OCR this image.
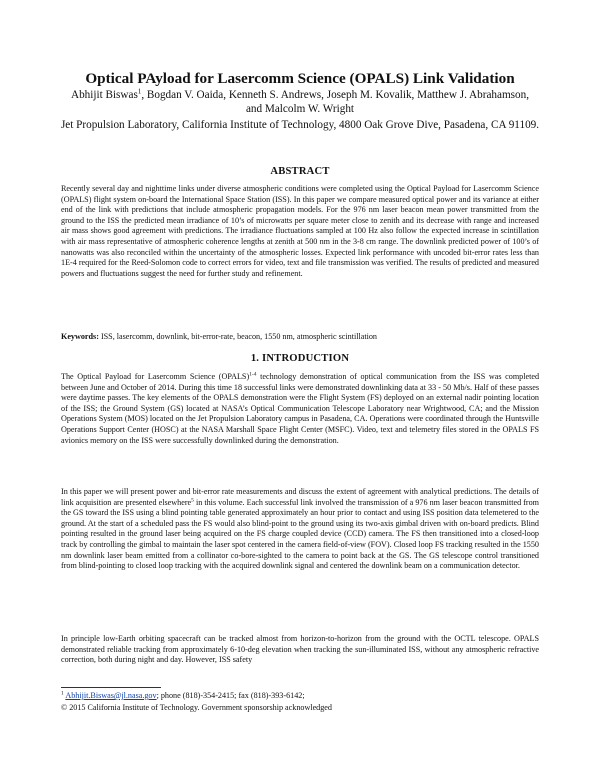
Optical PAyload for Lasercomm Science (OPALS) Link Validation
Abhijit Biswas$^1$, Bogdan V. Oaida, Kenneth S. Andrews, Joseph M. Kovalik, Matthew J. Abrahamson, and Malcolm W. Wright
Jet Propulsion Laboratory, California Institute of Technology, 4800 Oak Grove Dive, Pasadena, CA 91109.
ABSTRACT

Recently several day and nighttime links under diverse atmospheric conditions were completed using the Optical Payload for Lasercomm Science (OPALS) flight system on-board the International Space Station (ISS). In this paper we compare measured optical power and its variance at either end of the link with predictions that include atmospheric propagation models. For the 976 nm laser beacon mean power transmitted from the ground to the ISS the predicted mean irradiance of 10’s of microwatts per square meter close to zenith and its decrease with range and increased air mass shows good agreement with predictions. The irradiance fluctuations sampled at 100 Hz also follow the expected increase in scintillation with air mass representative of atmospheric coherence lengths at zenith at 500 nm in the 3-8 cm range. The downlink predicted power of 100’s of nanowatts was also reconciled within the uncertainty of the atmospheric losses. Expected link performance with uncoded bit-error rates less than 1E-4 required for the Reed-Solomon code to correct errors for video, text and file transmission was verified. The results of predicted and measured powers and fluctuations suggest the need for further study and refinement.

Keywords: ISS, lasercomm, downlink, bit-error-rate, beacon, 1550 nm, atmospheric scintillation

1. INTRODUCTION

The Optical Payload for Lasercomm Science (OPALS)$^{1-4}$ technology demonstration of optical communication from the ISS was completed between June and October of 2014. During this time 18 successful links were demonstrated downlinking data at 33 - 50 Mb/s. Half of these passes were daytime passes. The key elements of the OPALS demonstration were the Flight System (FS) deployed on an external nadir pointing location of the ISS; the Ground System (GS) located at NASA’s Optical Communication Telescope Laboratory near Wrightwood, CA; and the Mission Operations System (MOS) located on the Jet Propulsion Laboratory campus in Pasadena, CA. Operations were coordinated through the Huntsville Operations Support Center (HOSC) at the NASA Marshall Space Flight Center (MSFC). Video, text and telemetry files stored in the OPALS FS avionics memory on the ISS were successfully downlinked during the demonstration.

In this paper we will present power and bit-error rate measurements and discuss the extent of agreement with analytical predictions. The details of link acquisition are presented elsewhere$^5$ in this volume. Each successful link involved the transmission of a 976 nm laser beacon transmitted from the GS toward the ISS using a blind pointing table generated approximately an hour prior to contact and using ISS position data telemetered to the ground. At the start of a scheduled pass the FS would also blind-point to the ground using its two-axis gimbal driven with on-board predicts. Blind pointing resulted in the ground laser being acquired on the FS charge coupled device (CCD) camera. The FS then transitioned into a closed-loop track by controlling the gimbal to maintain the laser spot centered in the camera field-of-view (FOV). Closed loop FS tracking resulted in the 1550 nm downlink laser beam emitted from a collinator co-bore-sighted to the camera to point back at the GS. The GS telescope control transitioned from blind-pointing to closed loop tracking with the acquired downlink signal and centered the downlink beam on a communication detector.

In principle low-Earth orbiting spacecraft can be tracked almost from horizon-to-horizon from the ground with the OCTL telescope. OPALS demonstrated reliable tracking from approximately 6-10-deg elevation when tracking the sun-illuminated ISS, without any atmospheric refractive correction, both during night and day. However, ISS safety

$^1$ Abhijit.Biswas@jl.nasa.gov; phone (818)-354-2415; fax (818)-393-6142;
© 2015 California Institute of Technology. Government sponsorship acknowledged
